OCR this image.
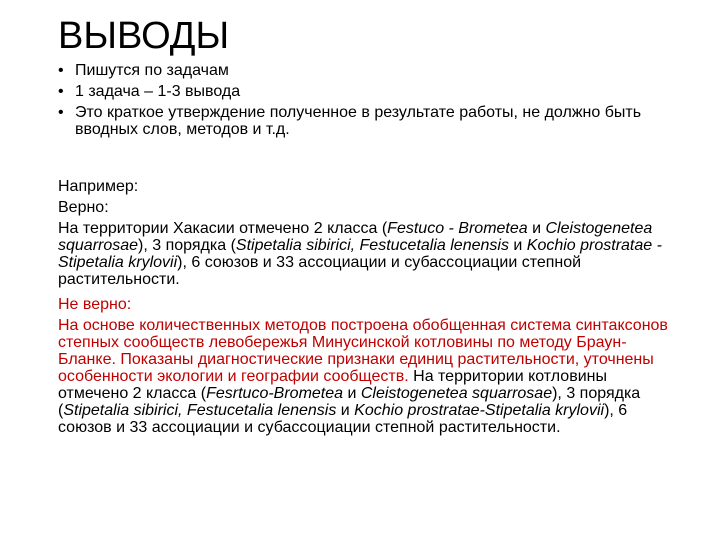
ВЫВОДЫ
• Пишутся по задачам
• 1 задача – 1-3 вывода
• Это краткое утверждение полученное в результате работы, не должно быть вводных слов, методов и т.д.

Например:

Верно:

На территории Хакасии отмечено 2 класса (Festuco - Brometea и Cleistogenetea squarrosae), 3 порядка (Stipetalia sibirici, Festucetalia lenensis и Kochio prostratae - Stipetalia krylovii), 6 союзов и 33 ассоциации и субассоциации степной растительности.

Не верно:

На основе количественных методов построена обобщенная система синтаксонов степных сообществ левобережья Минусинской котловины по методу Браун-Бланке. Показаны диагностические признаки единиц растительности, уточнены особенности экологии и географии сообществ. На территории котловины отмечено 2 класса (Fesrtuco-Brometea и Cleistogenetea squarrosae), 3 порядка (Stipetalia sibirici, Festucetalia lenensis и Kochio prostratae-Stipetalia krylovii), 6 союзов и 33 ассоциации и субассоциации степной растительности.
